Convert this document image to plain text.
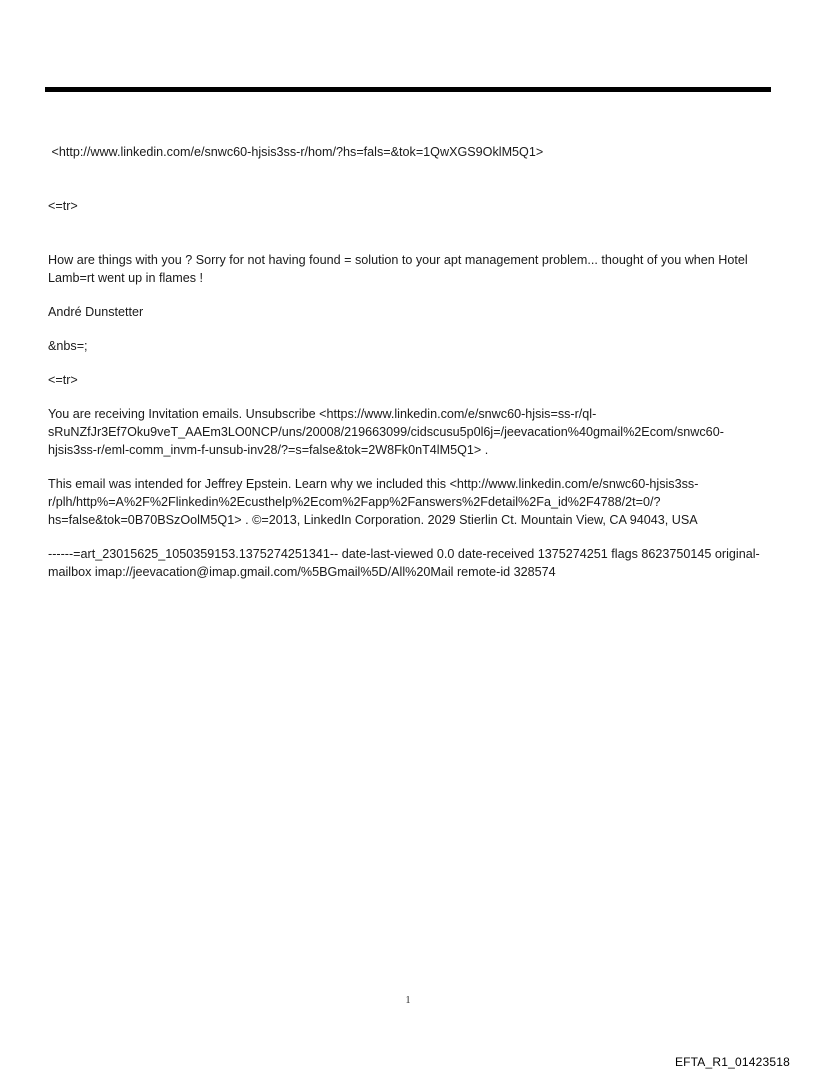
<http://www.linkedin.com/e/snwc60-hjsis3ss-r/hom/?hs=fals=&tok=1QwXGS9OklM5Q1>

<=tr>

How are things with you ? Sorry for not having found = solution to your apt management problem... thought of you when Hotel Lamb=rt went up in flames !

André Dunstetter

&nbs=;

<=tr>

You are receiving Invitation emails. Unsubscribe <https://www.linkedin.com/e/snwc60-hjsis=ss-r/ql-sRuNZfJr3Ef7Oku9veT_AAEm3LO0NCP/uns/20008/219663099/cidscusu5p0l6j=/jeevacation%40gmail%2Ecom/snwc60-hjsis3ss-r/eml-comm_invm-f-unsub-inv28/?=s=false&tok=2W8Fk0nT4lM5Q1> .

This email was intended for Jeffrey Epstein. Learn why we included this <http://www.linkedin.com/e/snwc60-hjsis3ss-r/plh/http%=A%2F%2Flinkedin%2Ecusthelp%2Ecom%2Fapp%2Fanswers%2Fdetail%2Fa_id%2F4788/2t=0/?hs=false&tok=0B70BSzOolM5Q1> . ©=2013, LinkedIn Corporation. 2029 Stierlin Ct. Mountain View, CA 94043, USA

------=art_23015625_1050359153.1375274251341-- date-last-viewed 0.0 date-received 1375274251 flags 8623750145 original-mailbox imap://jeevacation@imap.gmail.com/%5BGmail%5D/All%20Mail remote-id 328574

1
EFTA_R1_01423518
